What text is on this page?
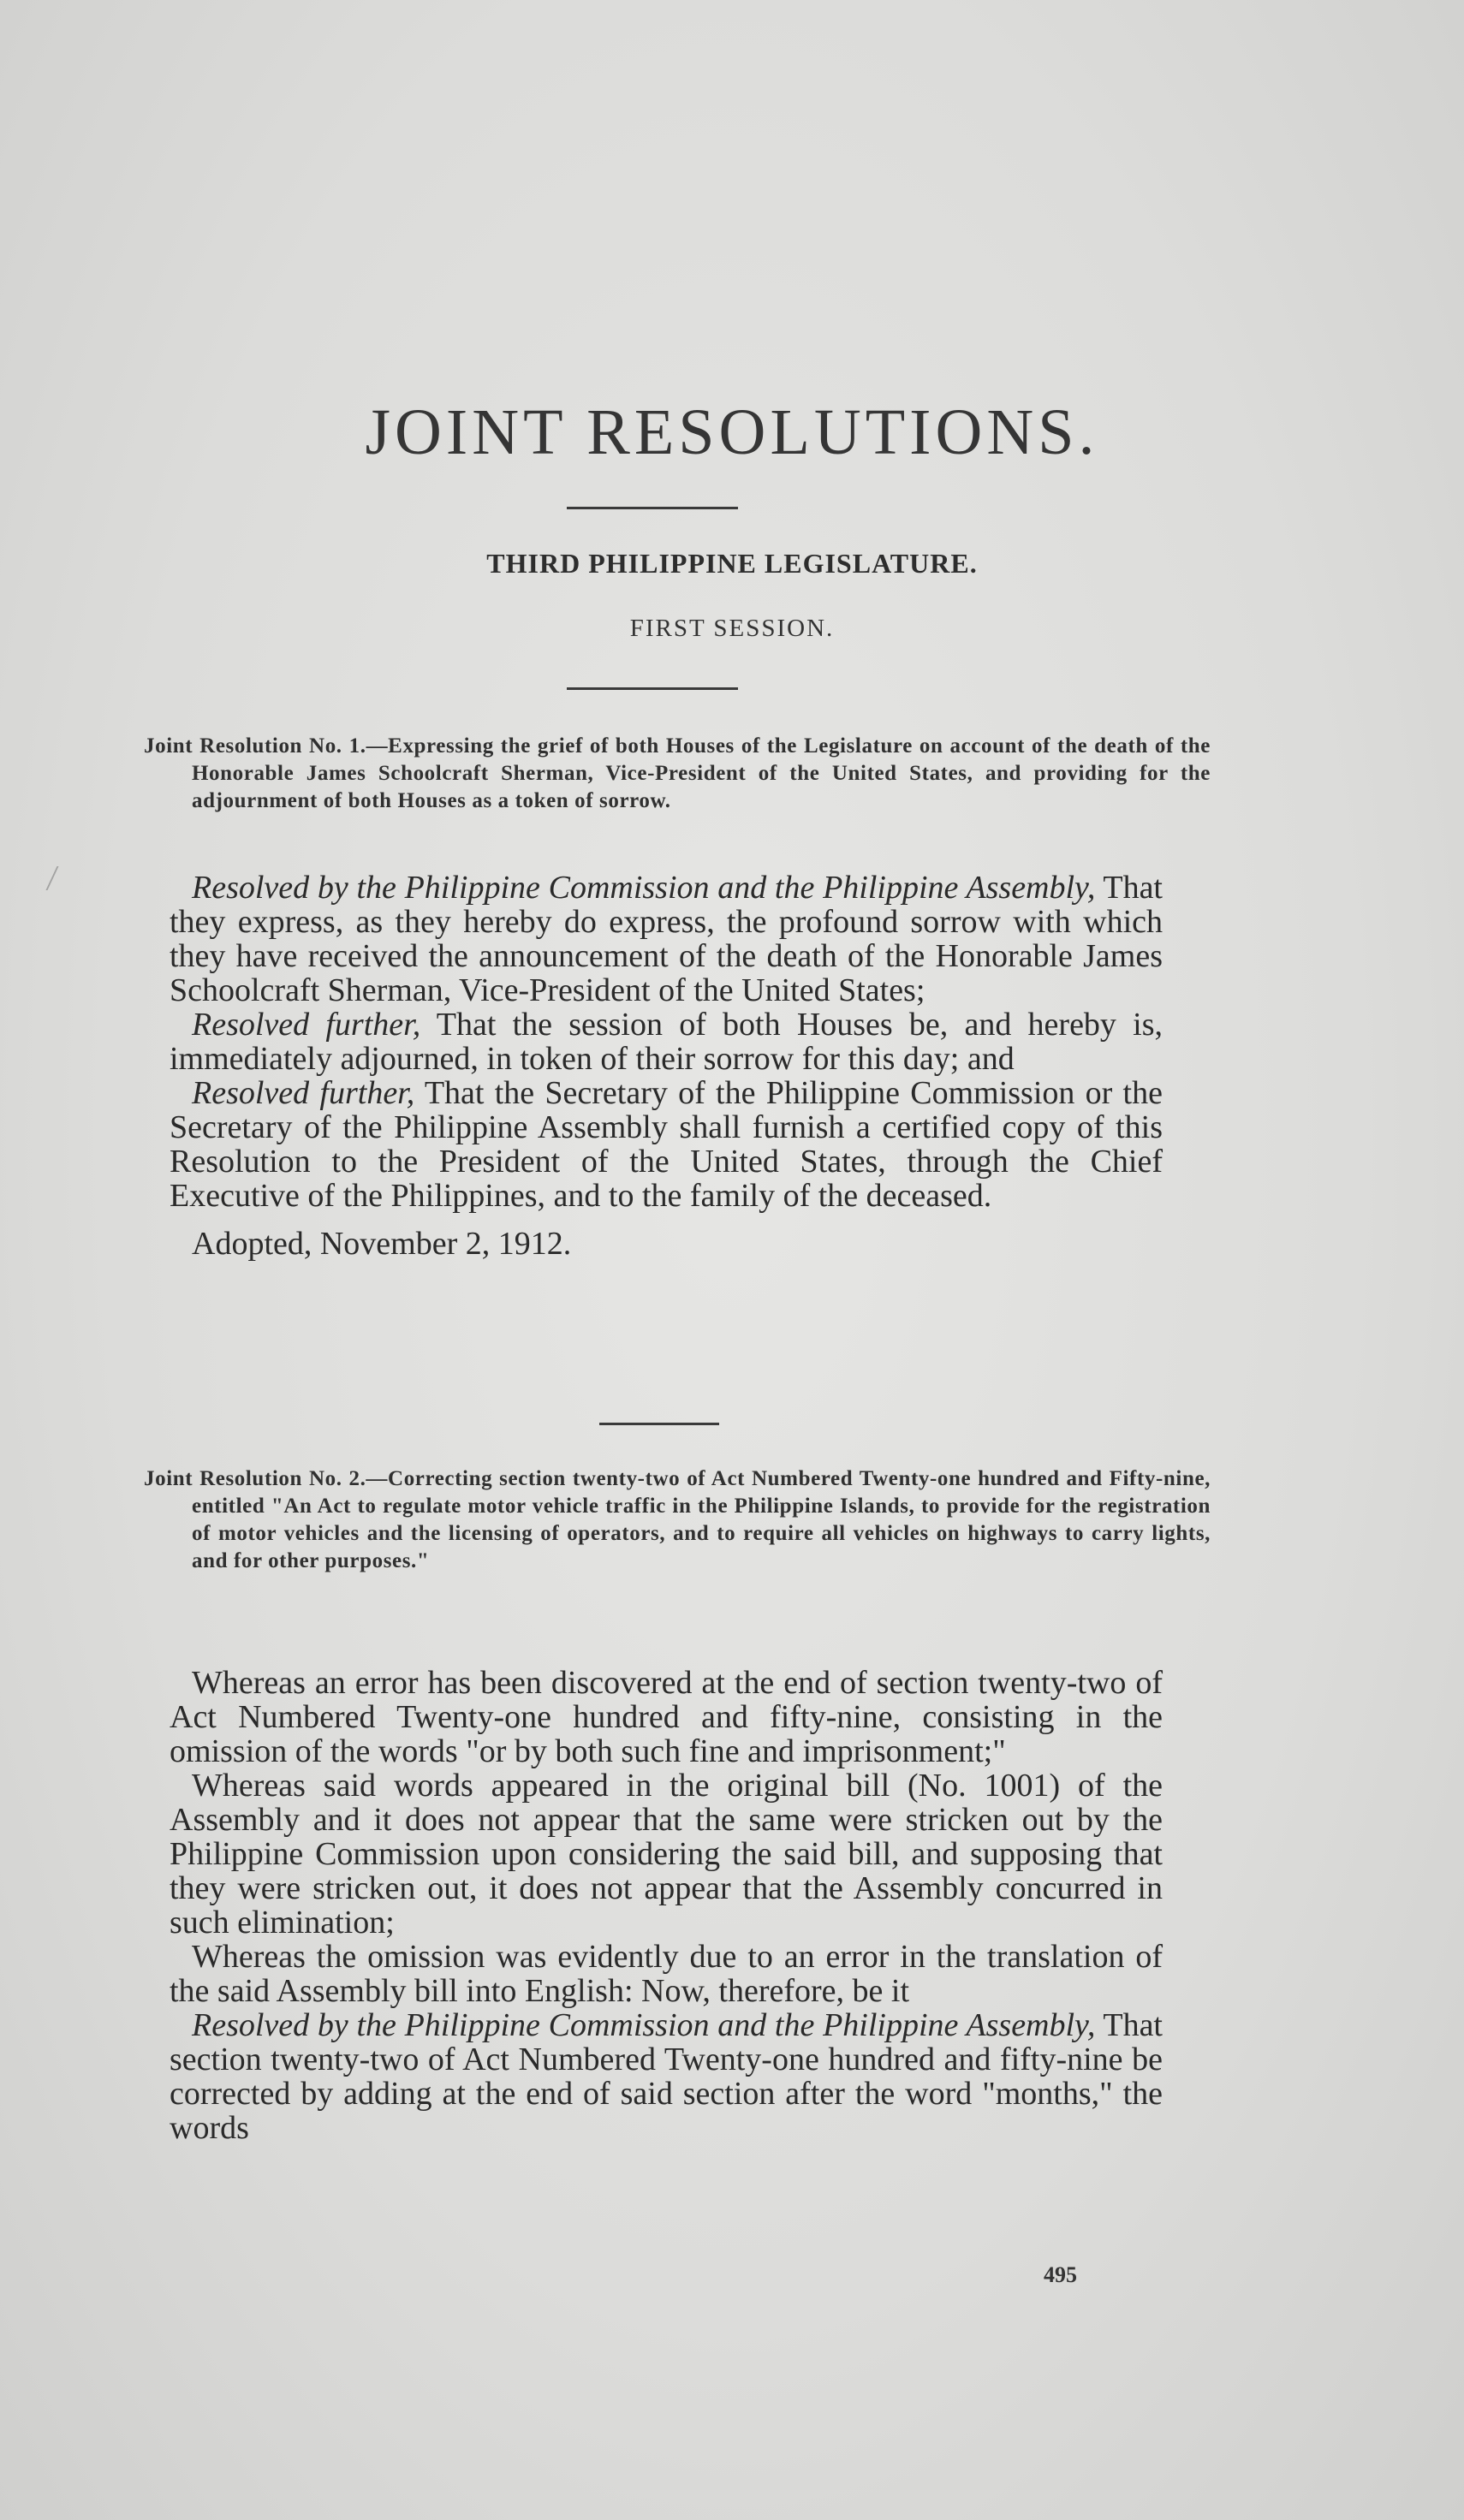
JOINT RESOLUTIONS.
THIRD PHILIPPINE LEGISLATURE.
FIRST SESSION.

Joint Resolution No. 1.—Expressing the grief of both Houses of the Legislature on account of the death of the Honorable James Schoolcraft Sherman, Vice-President of the United States, and providing for the adjournment of both Houses as a token of sorrow.

Resolved by the Philippine Commission and the Philippine Assembly, That they express, as they hereby do express, the profound sorrow with which they have received the announcement of the death of the Honorable James Schoolcraft Sherman, Vice-President of the United States;

Resolved further, That the session of both Houses be, and hereby is, immediately adjourned, in token of their sorrow for this day; and

Resolved further, That the Secretary of the Philippine Commission or the Secretary of the Philippine Assembly shall furnish a certified copy of this Resolution to the President of the United States, through the Chief Executive of the Philippines, and to the family of the deceased.

Adopted, November 2, 1912.

Joint Resolution No. 2.—Correcting section twenty-two of Act Numbered Twenty-one hundred and Fifty-nine, entitled "An Act to regulate motor vehicle traffic in the Philippine Islands, to provide for the registration of motor vehicles and the licensing of operators, and to require all vehicles on highways to carry lights, and for other purposes."

Whereas an error has been discovered at the end of section twenty-two of Act Numbered Twenty-one hundred and fifty-nine, consisting in the omission of the words "or by both such fine and imprisonment;"

Whereas said words appeared in the original bill (No. 1001) of the Assembly and it does not appear that the same were stricken out by the Philippine Commission upon considering the said bill, and supposing that they were stricken out, it does not appear that the Assembly concurred in such elimination;

Whereas the omission was evidently due to an error in the translation of the said Assembly bill into English: Now, therefore, be it

Resolved by the Philippine Commission and the Philippine Assembly, That section twenty-two of Act Numbered Twenty-one hundred and fifty-nine be corrected by adding at the end of said section after the word "months," the words

495
